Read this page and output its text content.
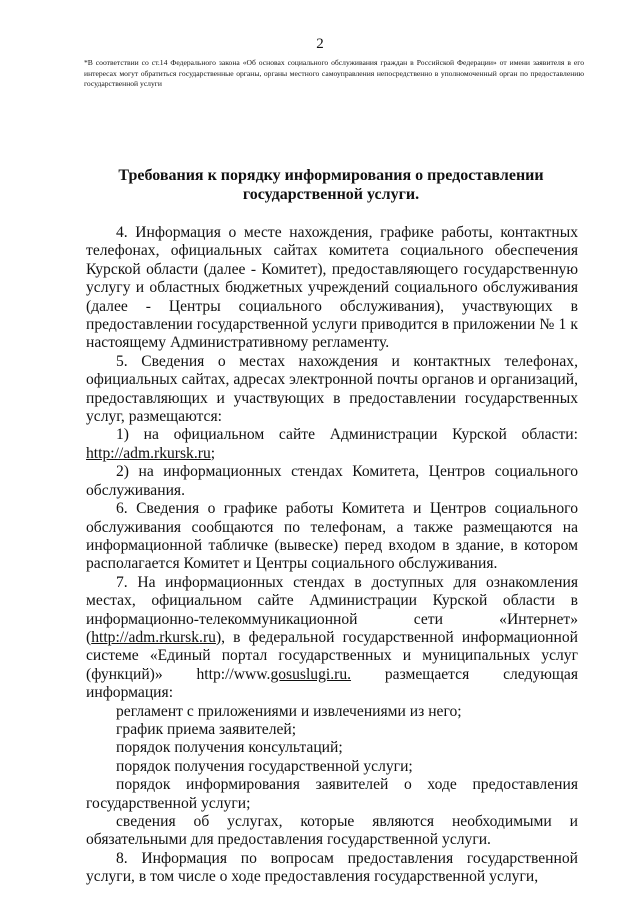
2
*В соответствии со ст.14 Федерального закона «Об основах социального обслуживания граждан в Российской Федерации» от имени заявителя в его интересах могут обратиться государственные органы, органы местного самоуправления непосредственно в уполномоченный орган по предоставлению государственной услуги
Требования к порядку информирования о предоставлении
государственной услуги.

4. Информация о месте нахождения, графике работы, контактных телефонах, официальных сайтах комитета социального обеспечения Курской области (далее - Комитет), предоставляющего государственную услугу и областных бюджетных учреждений социального обслуживания (далее - Центры социального обслуживания), участвующих в предоставлении государственной услуги приводится в приложении № 1 к настоящему Административному регламенту.

5. Сведения о местах нахождения и контактных телефонах, официальных сайтах, адресах электронной почты органов и организаций, предоставляющих и участвующих в предоставлении государственных услуг, размещаются:

1) на официальном сайте Администрации Курской области: http://adm.rkursk.ru;

2) на информационных стендах Комитета, Центров социального обслуживания.

6. Сведения о графике работы Комитета и Центров социального обслуживания сообщаются по телефонам, а также размещаются на информационной табличке (вывеске) перед входом в здание, в котором располагается Комитет и Центры социального обслуживания.

7. На информационных стендах в доступных для ознакомления местах, официальном сайте Администрации Курской области в информационно-телекоммуникационной сети «Интернет» (http://adm.rkursk.ru), в федеральной государственной информационной системе «Единый портал государственных и муниципальных услуг (функций)» http://www.gosuslugi.ru. размещается следующая информация:

регламент с приложениями и извлечениями из него;

график приема заявителей;

порядок получения консультаций;

порядок получения государственной услуги;

порядок информирования заявителей о ходе предоставления государственной услуги;

сведения об услугах, которые являются необходимыми и обязательными для предоставления государственной услуги.

8. Информация по вопросам предоставления государственной услуги, в том числе о ходе предоставления государственной услуги,
